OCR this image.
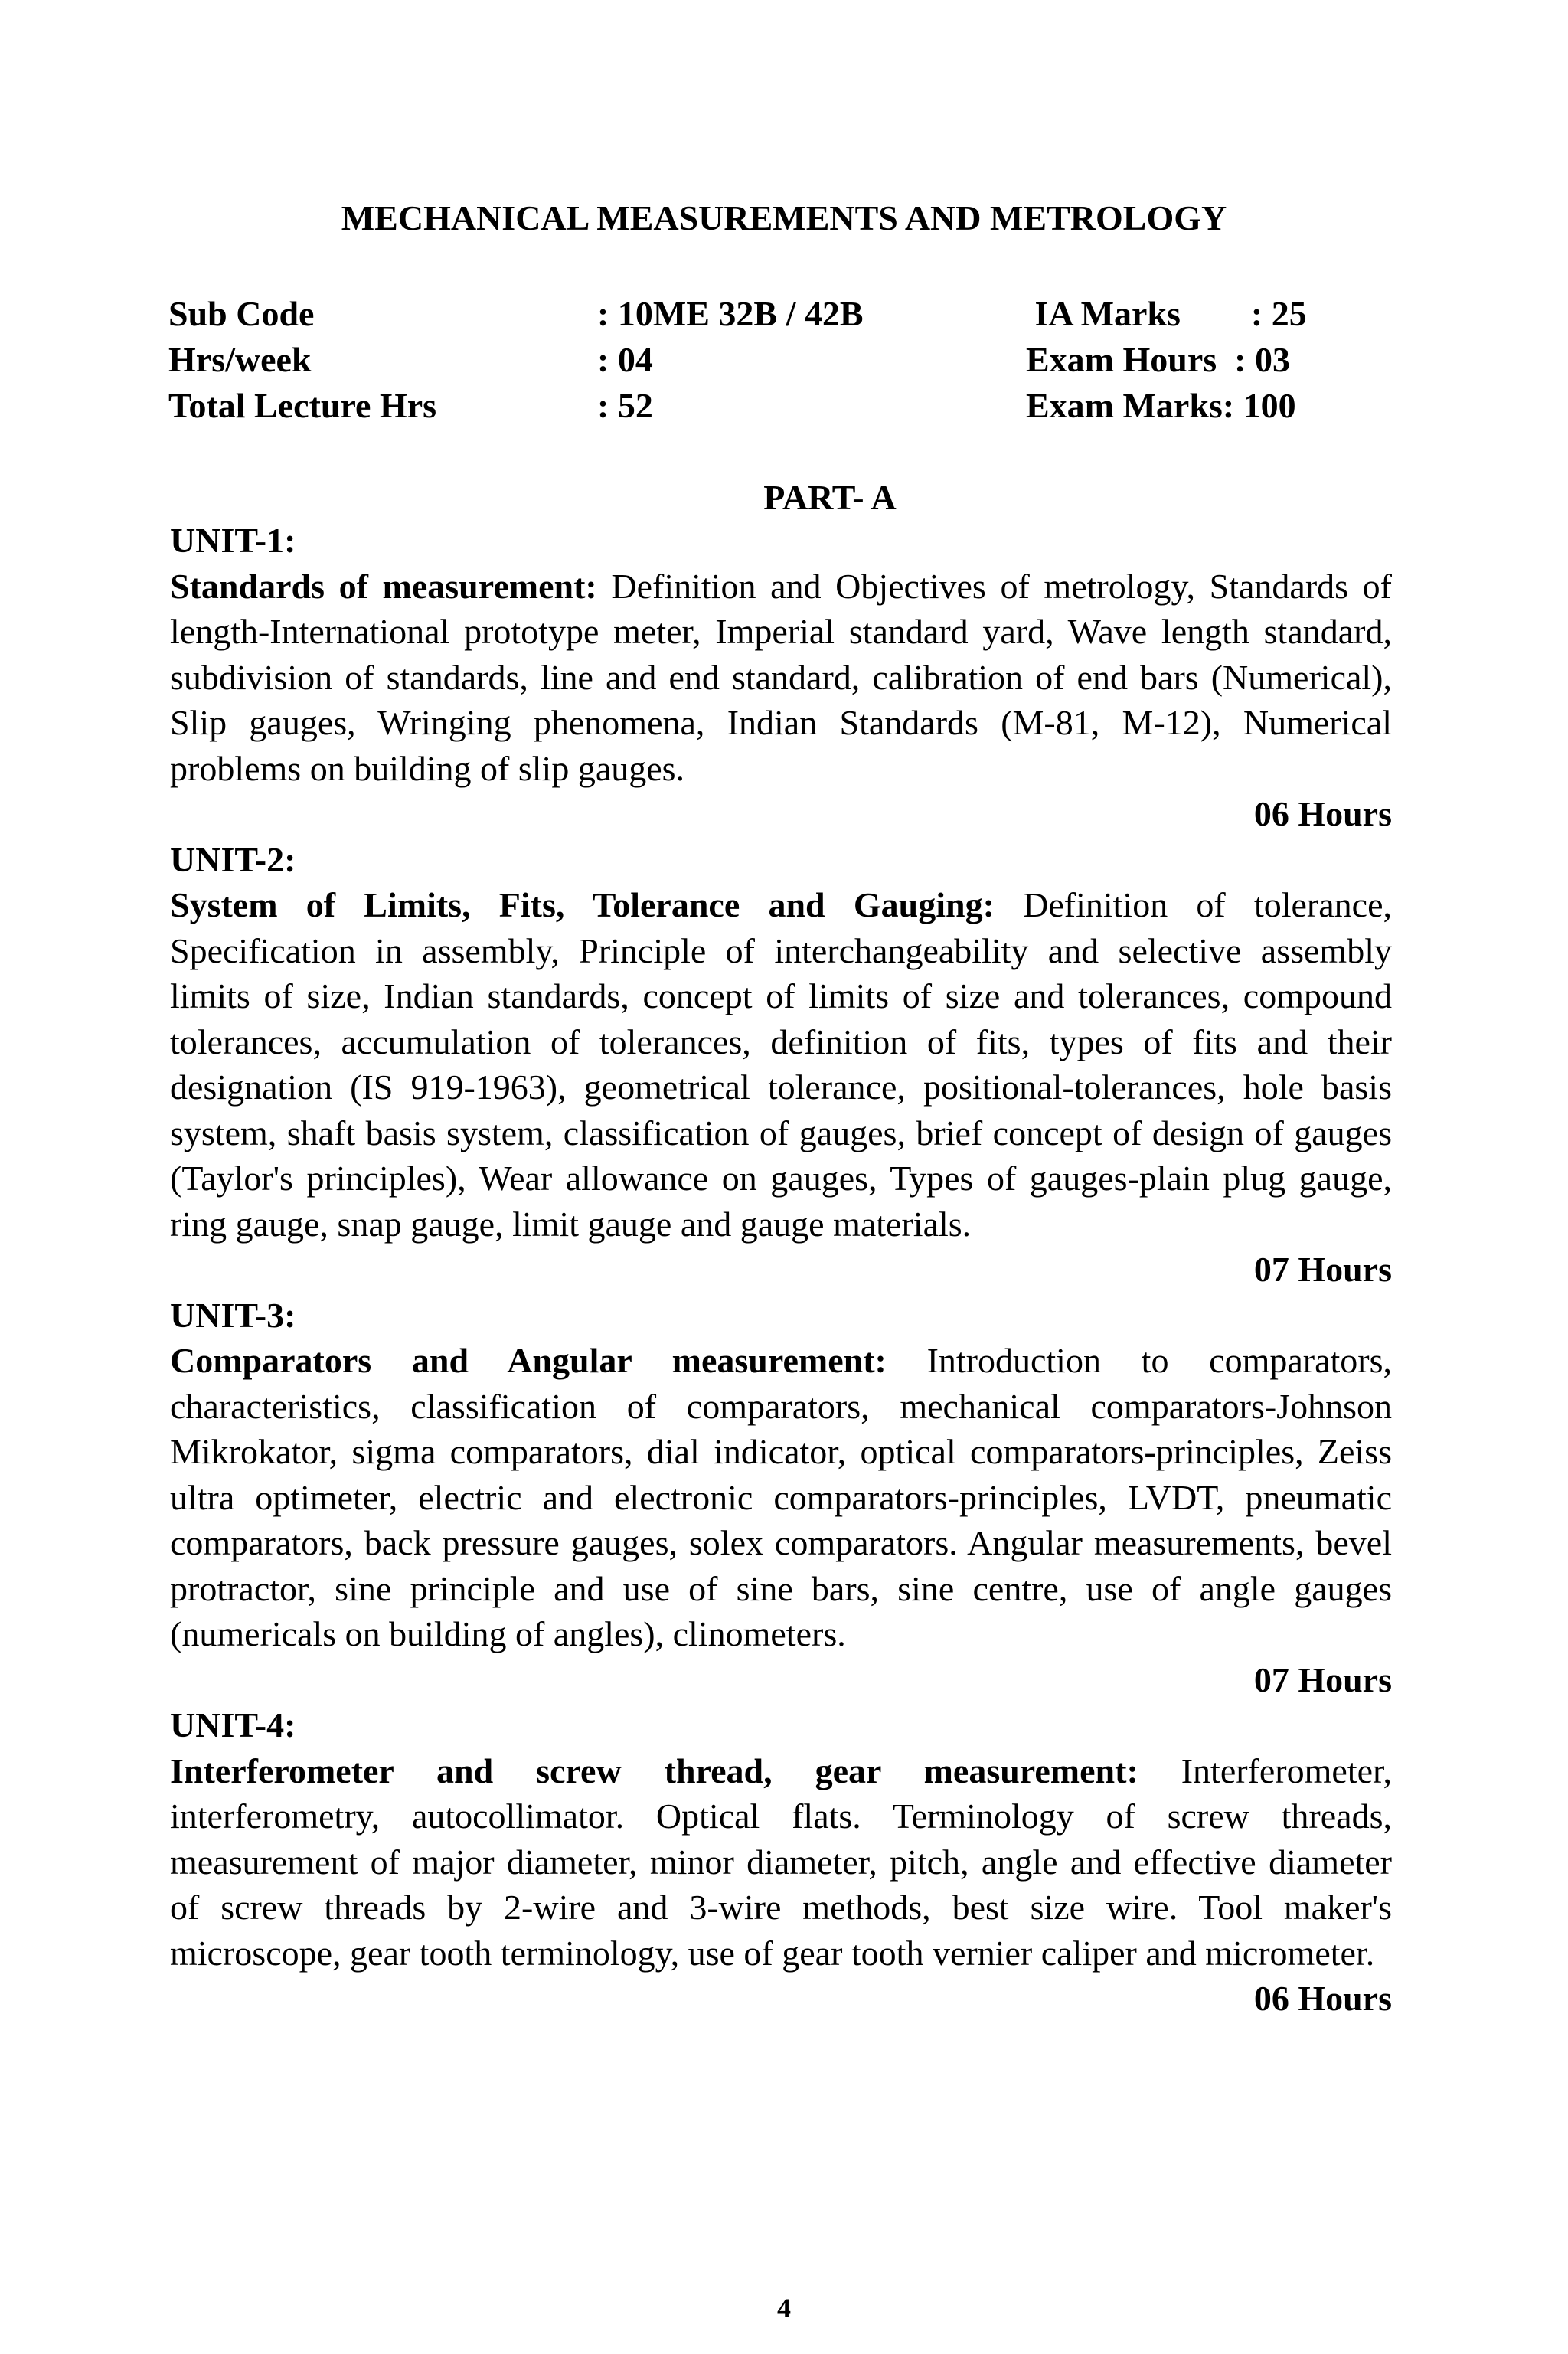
MECHANICAL MEASUREMENTS AND METROLOGY
Sub Code	: 10ME 32B / 42B	IA Marks        : 25
Hrs/week	: 04	Exam Hours  : 03
Total Lecture Hrs	: 52	Exam Marks: 100
PART- A

UNIT-1:

Standards of measurement: Definition and Objectives of metrology, Standards of length-International prototype meter, Imperial standard yard, Wave length standard, subdivision of standards, line and end standard, calibration of end bars (Numerical), Slip gauges, Wringing phenomena, Indian Standards (M-81, M-12), Numerical problems on building of slip gauges.

06 Hours

UNIT-2:

System of Limits, Fits, Tolerance and Gauging: Definition of tolerance, Specification in assembly, Principle of interchangeability and selective assembly limits of size, Indian standards, concept of limits of size and tolerances, compound tolerances, accumulation of tolerances, definition of fits, types of fits and their designation (IS 919-1963), geometrical tolerance, positional-tolerances, hole basis system, shaft basis system, classification of gauges, brief concept of design of gauges (Taylor's principles), Wear allowance on gauges, Types of gauges-plain plug gauge, ring gauge, snap gauge, limit gauge and gauge materials.

07 Hours

UNIT-3:

Comparators and Angular measurement: Introduction to comparators, characteristics, classification of comparators, mechanical comparators-Johnson Mikrokator, sigma comparators, dial indicator, optical comparators-principles, Zeiss ultra optimeter, electric and electronic comparators-principles, LVDT, pneumatic comparators, back pressure gauges, solex comparators. Angular measurements, bevel protractor, sine principle and use of sine bars, sine centre, use of angle gauges (numericals on building of angles), clinometers.

07 Hours

UNIT-4:

Interferometer and screw thread, gear measurement: Interferometer, interferometry, autocollimator. Optical flats. Terminology of screw threads, measurement of major diameter, minor diameter, pitch, angle and effective diameter of screw threads by 2-wire and 3-wire methods, best size wire. Tool maker's microscope, gear tooth terminology, use of gear tooth vernier caliper and micrometer.

06 Hours

4
